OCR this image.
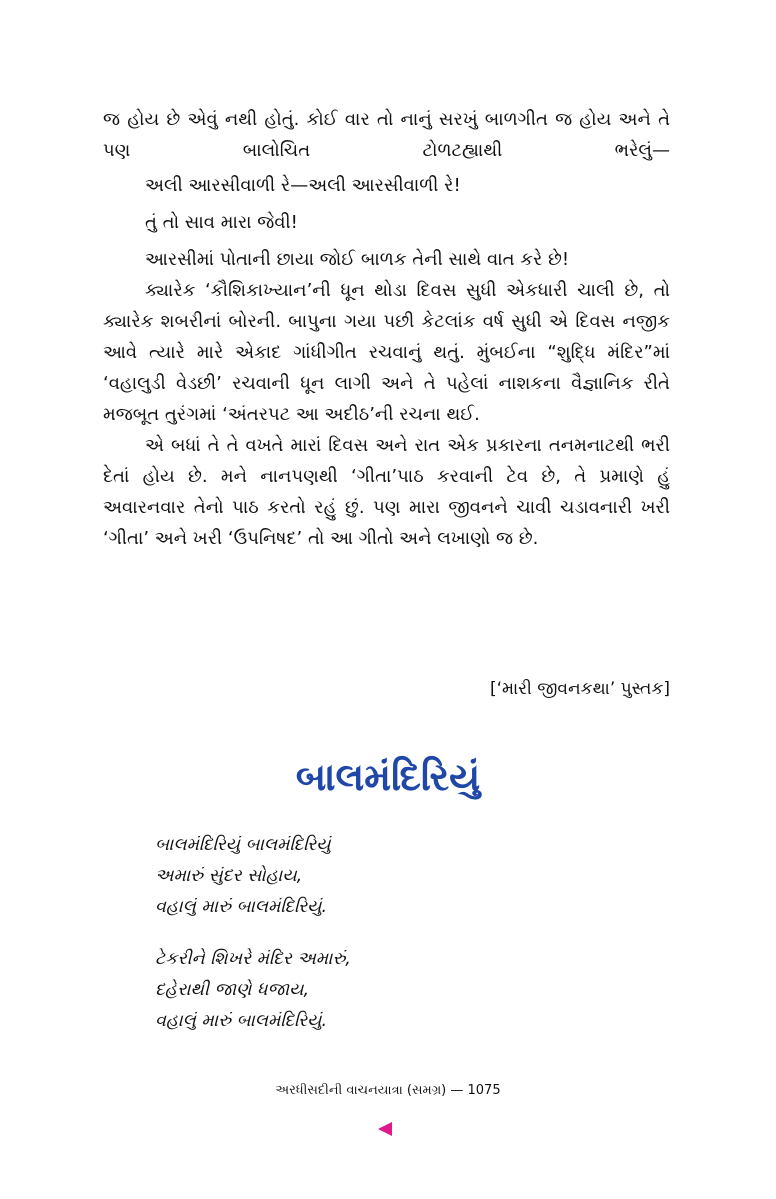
જ હોય છે એવું નથી હોતું. કોઈ વાર તો નાનું સરખું બાળગીત જ હોય અને તે પણ બાલોચિત ટોળટહ્યાથી ભરેલું—

અલી આરસીવાળી રે—અલી આરસીવાળી રે!

તું તો સાવ મારા જેવી!

આરસીમાં પોતાની છાયા જોઈ બાળક તેની સાથે વાત કરે છે!

ક્યારેક ‘કૌશિકાખ્યાન’ની ધૂન થોડા દિવસ સુધી એકધારી ચાલી છે, તો ક્યારેક શબરીનાં બોરની. બાપુના ગયા પછી કેટલાંક વર્ષ સુધી એ દિવસ નજીક આવે ત્યારે મારે એકાદ ગાંધીગીત રચવાનું થતું. મુંબઈના “શુદ્ધિ મંદિર”માં ‘વહાલુડી વેડછી’ રચવાની ધૂન લાગી અને તે પહેલાં નાશકના વૈજ્ઞાનિક રીતે મજબૂત તુરંગમાં ‘અંતરપટ આ અદીઠ’ની રચના થઈ.

એ બધાં તે તે વખતે મારાં દિવસ અને રાત એક પ્રકારના તનમનાટથી ભરી દેતાં હોય છે. મને નાનપણથી ‘ગીતા’પાઠ કરવાની ટેવ છે, તે પ્રમાણે હું અવારનવાર તેનો પાઠ કરતો રહું છું. પણ મારા જીવનને ચાવી ચડાવનારી ખરી ‘ગીતા’ અને ખરી ‘ઉપનિષદ’ તો આ ગીતો અને લખાણો જ છે.

[‘મારી જીવનકથા’ પુસ્તક]
બાલમંદિરિયું
બાલમંદિરિયું બાલમંદિરિયું
અમારું સુંદર સોહાય,
વહાલું મારું બાલમંદિરિયું.
ટેકરીને શિખરે મંદિર અમારું,
દહેરાથી જાણે ધજાય,
વહાલું મારું બાલમંદિરિયું.
અરધીસદીની વાચનયાત્રા (સમગ્ર) — 1075
